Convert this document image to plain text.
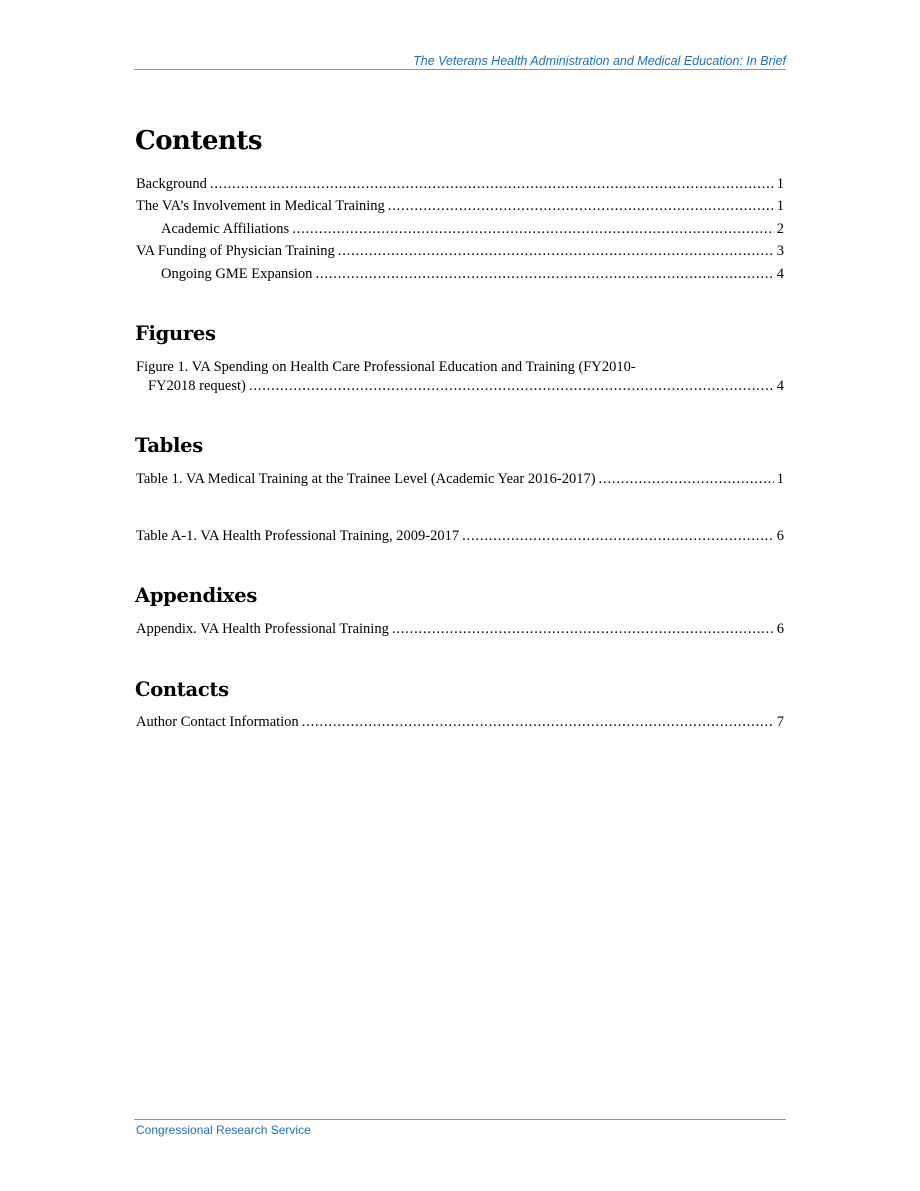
The Veterans Health Administration and Medical Education: In Brief
Contents
Background . . .	1
The VA’s Involvement in Medical Training . . .	1
Academic Affiliations . . .	2
VA Funding of Physician Training . . .	3
Ongoing GME Expansion . . .	4
Figures
Figure 1. VA Spending on Health Care Professional Education and Training (FY2010-
FY2018 request) . . .	4
Tables
Table 1. VA Medical Training at the Trainee Level (Academic Year 2016-2017) . . .	1
Table A-1. VA Health Professional Training, 2009-2017 . . .	6
Appendixes
Appendix. VA Health Professional Training . . .	6
Contacts
Author Contact Information . . .	7
Congressional Research Service
